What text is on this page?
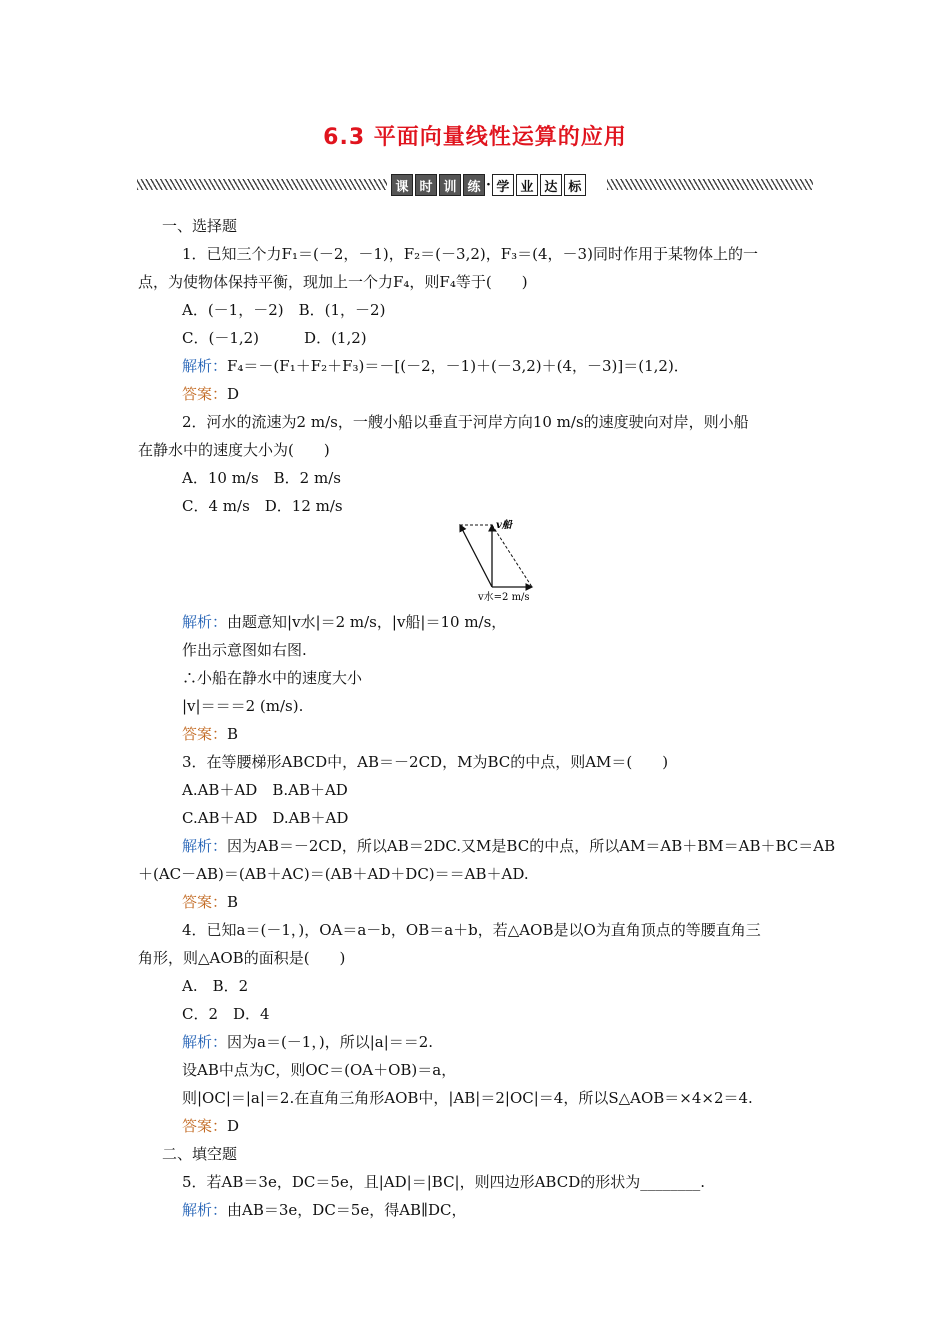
6.3 平面向量线性运算的应用
课 时 训 练 · 学 业 达 标
一、选择题
1．已知三个力F₁＝(－2，－1)，F₂＝(－3,2)，F₃＝(4，－3)同时作用于某物体上的一
点，为使物体保持平衡，现加上一个力F₄，则F₄等于(　　)
A．(－1，－2)　B．(1，－2)
C．(－1,2)　　　D．(1,2)
解析：F₄＝－(F₁＋F₂＋F₃)＝－[(－2，－1)＋(－3,2)＋(4，－3)]＝(1,2)．
答案：D
2．河水的流速为2 m/s，一艘小船以垂直于河岸方向10 m/s的速度驶向对岸，则小船
在静水中的速度大小为(　　)
A．10 m/s　B．2 m/s
C．4 m/s　D．12 m/s
解析：由题意知|v水|＝2 m/s，|v船|＝10 m/s，
作出示意图如右图.
∴小船在静水中的速度大小
|v|＝＝＝2 (m/s).
答案：B
3．在等腰梯形ABCD中，AB＝－2CD，M为BC的中点，则AM＝(　　)
A.AB＋AD　B.AB＋AD
C.AB＋AD　D.AB＋AD
解析：因为AB＝－2CD，所以AB＝2DC.又M是BC的中点，所以AM＝AB＋BM＝AB＋BC＝AB
＋(AC－AB)＝(AB＋AC)＝(AB＋AD＋DC)＝＝AB＋AD.
答案：B
4．已知a＝(－1，)，OA＝a－b，OB＝a＋b，若△AOB是以O为直角顶点的等腰直角三
角形，则△AOB的面积是(　　)
A.　B．2
C．2　D．4
解析：因为a＝(－1，)，所以|a|＝＝2.
设AB中点为C，则OC＝(OA＋OB)＝a，
则|OC|＝|a|＝2.在直角三角形AOB中，|AB|＝2|OC|＝4，所以S△AOB＝×4×2＝4.
答案：D
二、填空题
5．若AB＝3e，DC＝5e，且|AD|＝|BC|，则四边形ABCD的形状为________.
解析：由AB＝3e，DC＝5e，得AB∥DC，
v船
v水=2 m/s
